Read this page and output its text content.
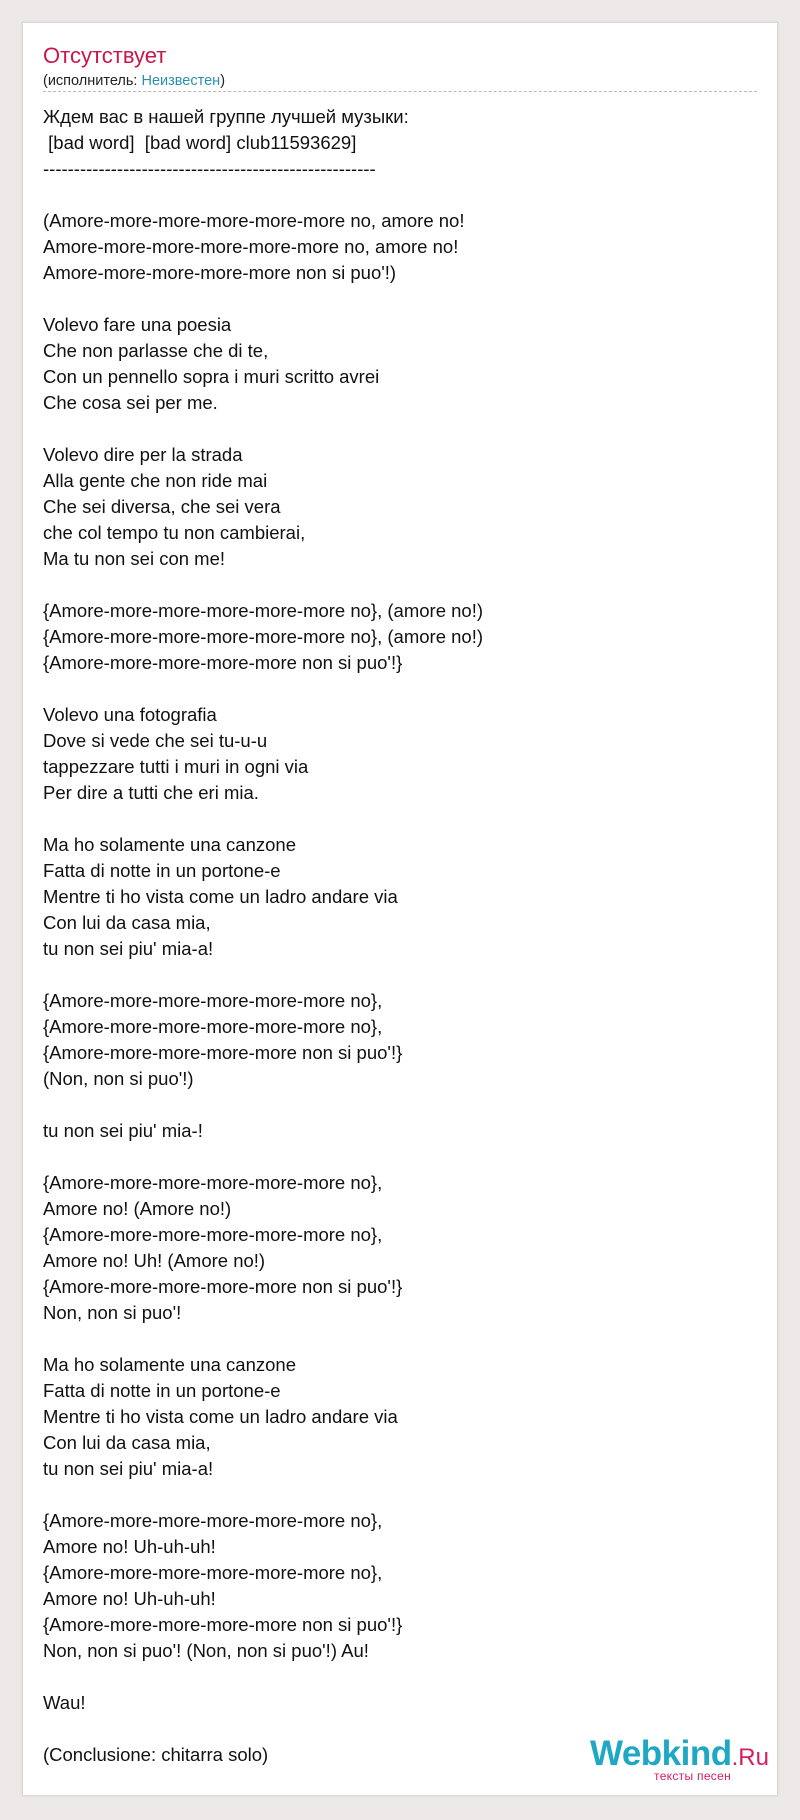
Отсутствует
(исполнитель: Неизвестен)
Ждем вас в нашей группе лучшей музыки:
[bad word]  [bad word] club11593629]
------------------------------------------------------
(Amore-more-more-more-more-more no, amore no!
Amore-more-more-more-more-more no, amore no!
Amore-more-more-more-more non si puo'!)
Volevo fare una poesia
Che non parlasse che di te,
Con un pennello sopra i muri scritto avrei
Che cosa sei per me.
Volevo dire per la strada
Alla gente che non ride mai
Che sei diversa, che sei vera
che col tempo tu non cambierai,
Ma tu non sei con me!
{Amore-more-more-more-more-more no}, (amore no!)
{Amore-more-more-more-more-more no}, (amore no!)
{Amore-more-more-more-more non si puo'!}
Volevo una fotografia
Dove si vede che sei tu-u-u
tappezzare tutti i muri in ogni via
Per dire a tutti che eri mia.
Ma ho solamente una canzone
Fatta di notte in un portone-e
Mentre ti ho vista come un ladro andare via
Con lui da casa mia,
tu non sei piu' mia-a!
{Amore-more-more-more-more-more no},
{Amore-more-more-more-more-more no},
{Amore-more-more-more-more non si puo'!}
(Non, non si puo'!)
tu non sei piu' mia-!
{Amore-more-more-more-more-more no},
Amore no! (Amore no!)
{Amore-more-more-more-more-more no},
Amore no! Uh! (Amore no!)
{Amore-more-more-more-more non si puo'!}
Non, non si puo'!
Ma ho solamente una canzone
Fatta di notte in un portone-e
Mentre ti ho vista come un ladro andare via
Con lui da casa mia,
tu non sei piu' mia-a!
{Amore-more-more-more-more-more no},
Amore no! Uh-uh-uh!
{Amore-more-more-more-more-more no},
Amore no! Uh-uh-uh!
{Amore-more-more-more-more non si puo'!}
Non, non si puo'! (Non, non si puo'!) Au!
Wau!
(Conclusione: chitarra solo)	Webkind.Ru
тексты песен
